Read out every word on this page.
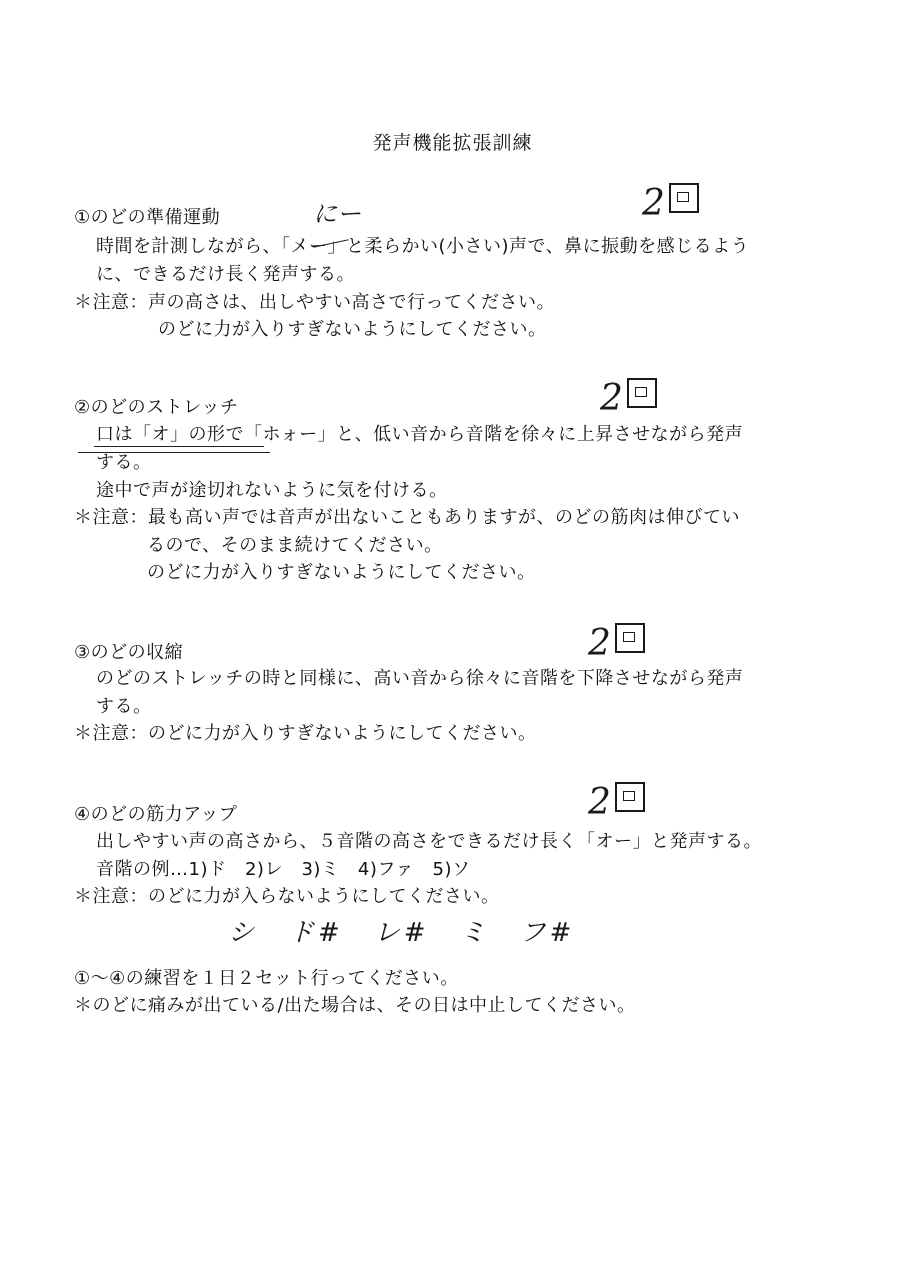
発声機能拡張訓練
①のどの準備運動	にー	2
時間を計測しながら、「メー」と柔らかい(小さい)声で、鼻に振動を感じるよう
に、できるだけ長く発声する。
＊注意：声の高さは、出しやすい高さで行ってください。
のどに力が入りすぎないようにしてください。
②のどのストレッチ	2
口は「オ」の形で「ホォー」と、低い音から音階を徐々に上昇させながら発声
する。
途中で声が途切れないように気を付ける。
＊注意：最も高い声では音声が出ないこともありますが、のどの筋肉は伸びてい
るので、そのまま続けてください。
のどに力が入りすぎないようにしてください。
③のどの収縮	2
のどのストレッチの時と同様に、高い音から徐々に音階を下降させながら発声
する。
＊注意：のどに力が入りすぎないようにしてください。
④のどの筋力アップ	2
出しやすい声の高さから、５音階の高さをできるだけ長く「オー」と発声する。
音階の例…1)ド　2)レ　3)ミ　4)ファ　5)ソ
＊注意：のどに力が入らないようにしてください。
シ　ド#　レ#　ミ　フ#
①～④の練習を１日２セット行ってください。
＊のどに痛みが出ている/出た場合は、その日は中止してください。
